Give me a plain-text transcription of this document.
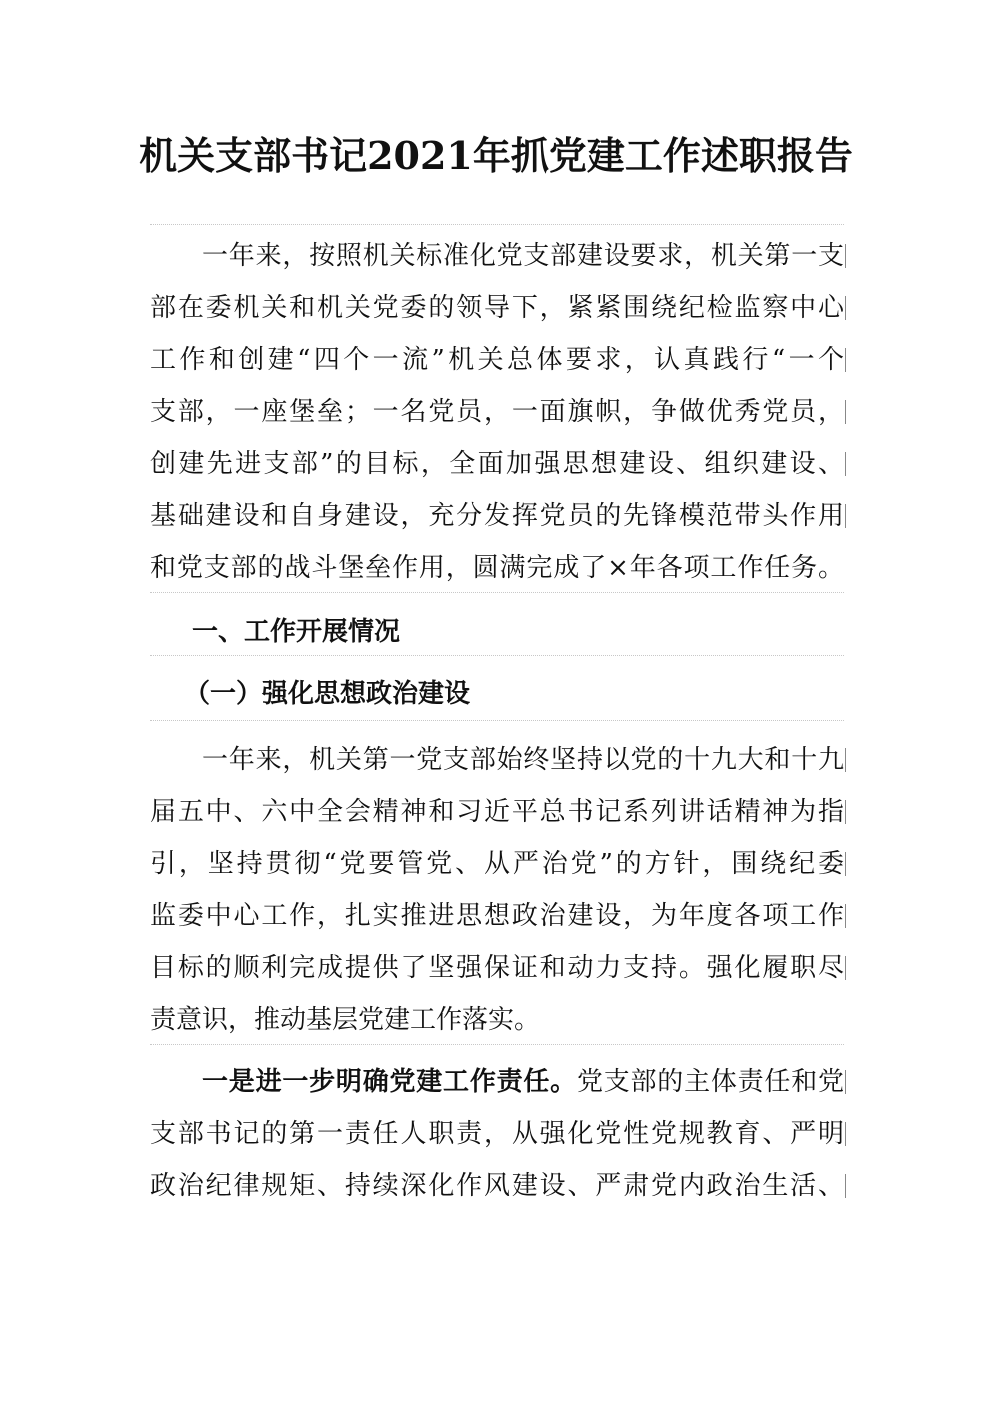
机关支部书记2021年抓党建工作述职报告
一年来，按照机关标准化党支部建设要求，机关第一支
部在委机关和机关党委的领导下，紧紧围绕纪检监察中心
工作和创建“四个一流”机关总体要求，认真践行“一个
支部，一座堡垒；一名党员，一面旗帜，争做优秀党员，
创建先进支部”的目标，全面加强思想建设、组织建设、
基础建设和自身建设，充分发挥党员的先锋模范带头作用
和党支部的战斗堡垒作用，圆满完成了×年各项工作任务。
一、工作开展情况
（一）强化思想政治建设
一年来，机关第一党支部始终坚持以党的十九大和十九
届五中、六中全会精神和习近平总书记系列讲话精神为指
引，坚持贯彻“党要管党、从严治党”的方针，围绕纪委
监委中心工作，扎实推进思想政治建设，为年度各项工作
目标的顺利完成提供了坚强保证和动力支持。强化履职尽
责意识，推动基层党建工作落实。
一是进一步明确党建工作责任。党支部的主体责任和党
支部书记的第一责任人职责，从强化党性党规教育、严明
政治纪律规矩、持续深化作风建设、严肃党内政治生活、
